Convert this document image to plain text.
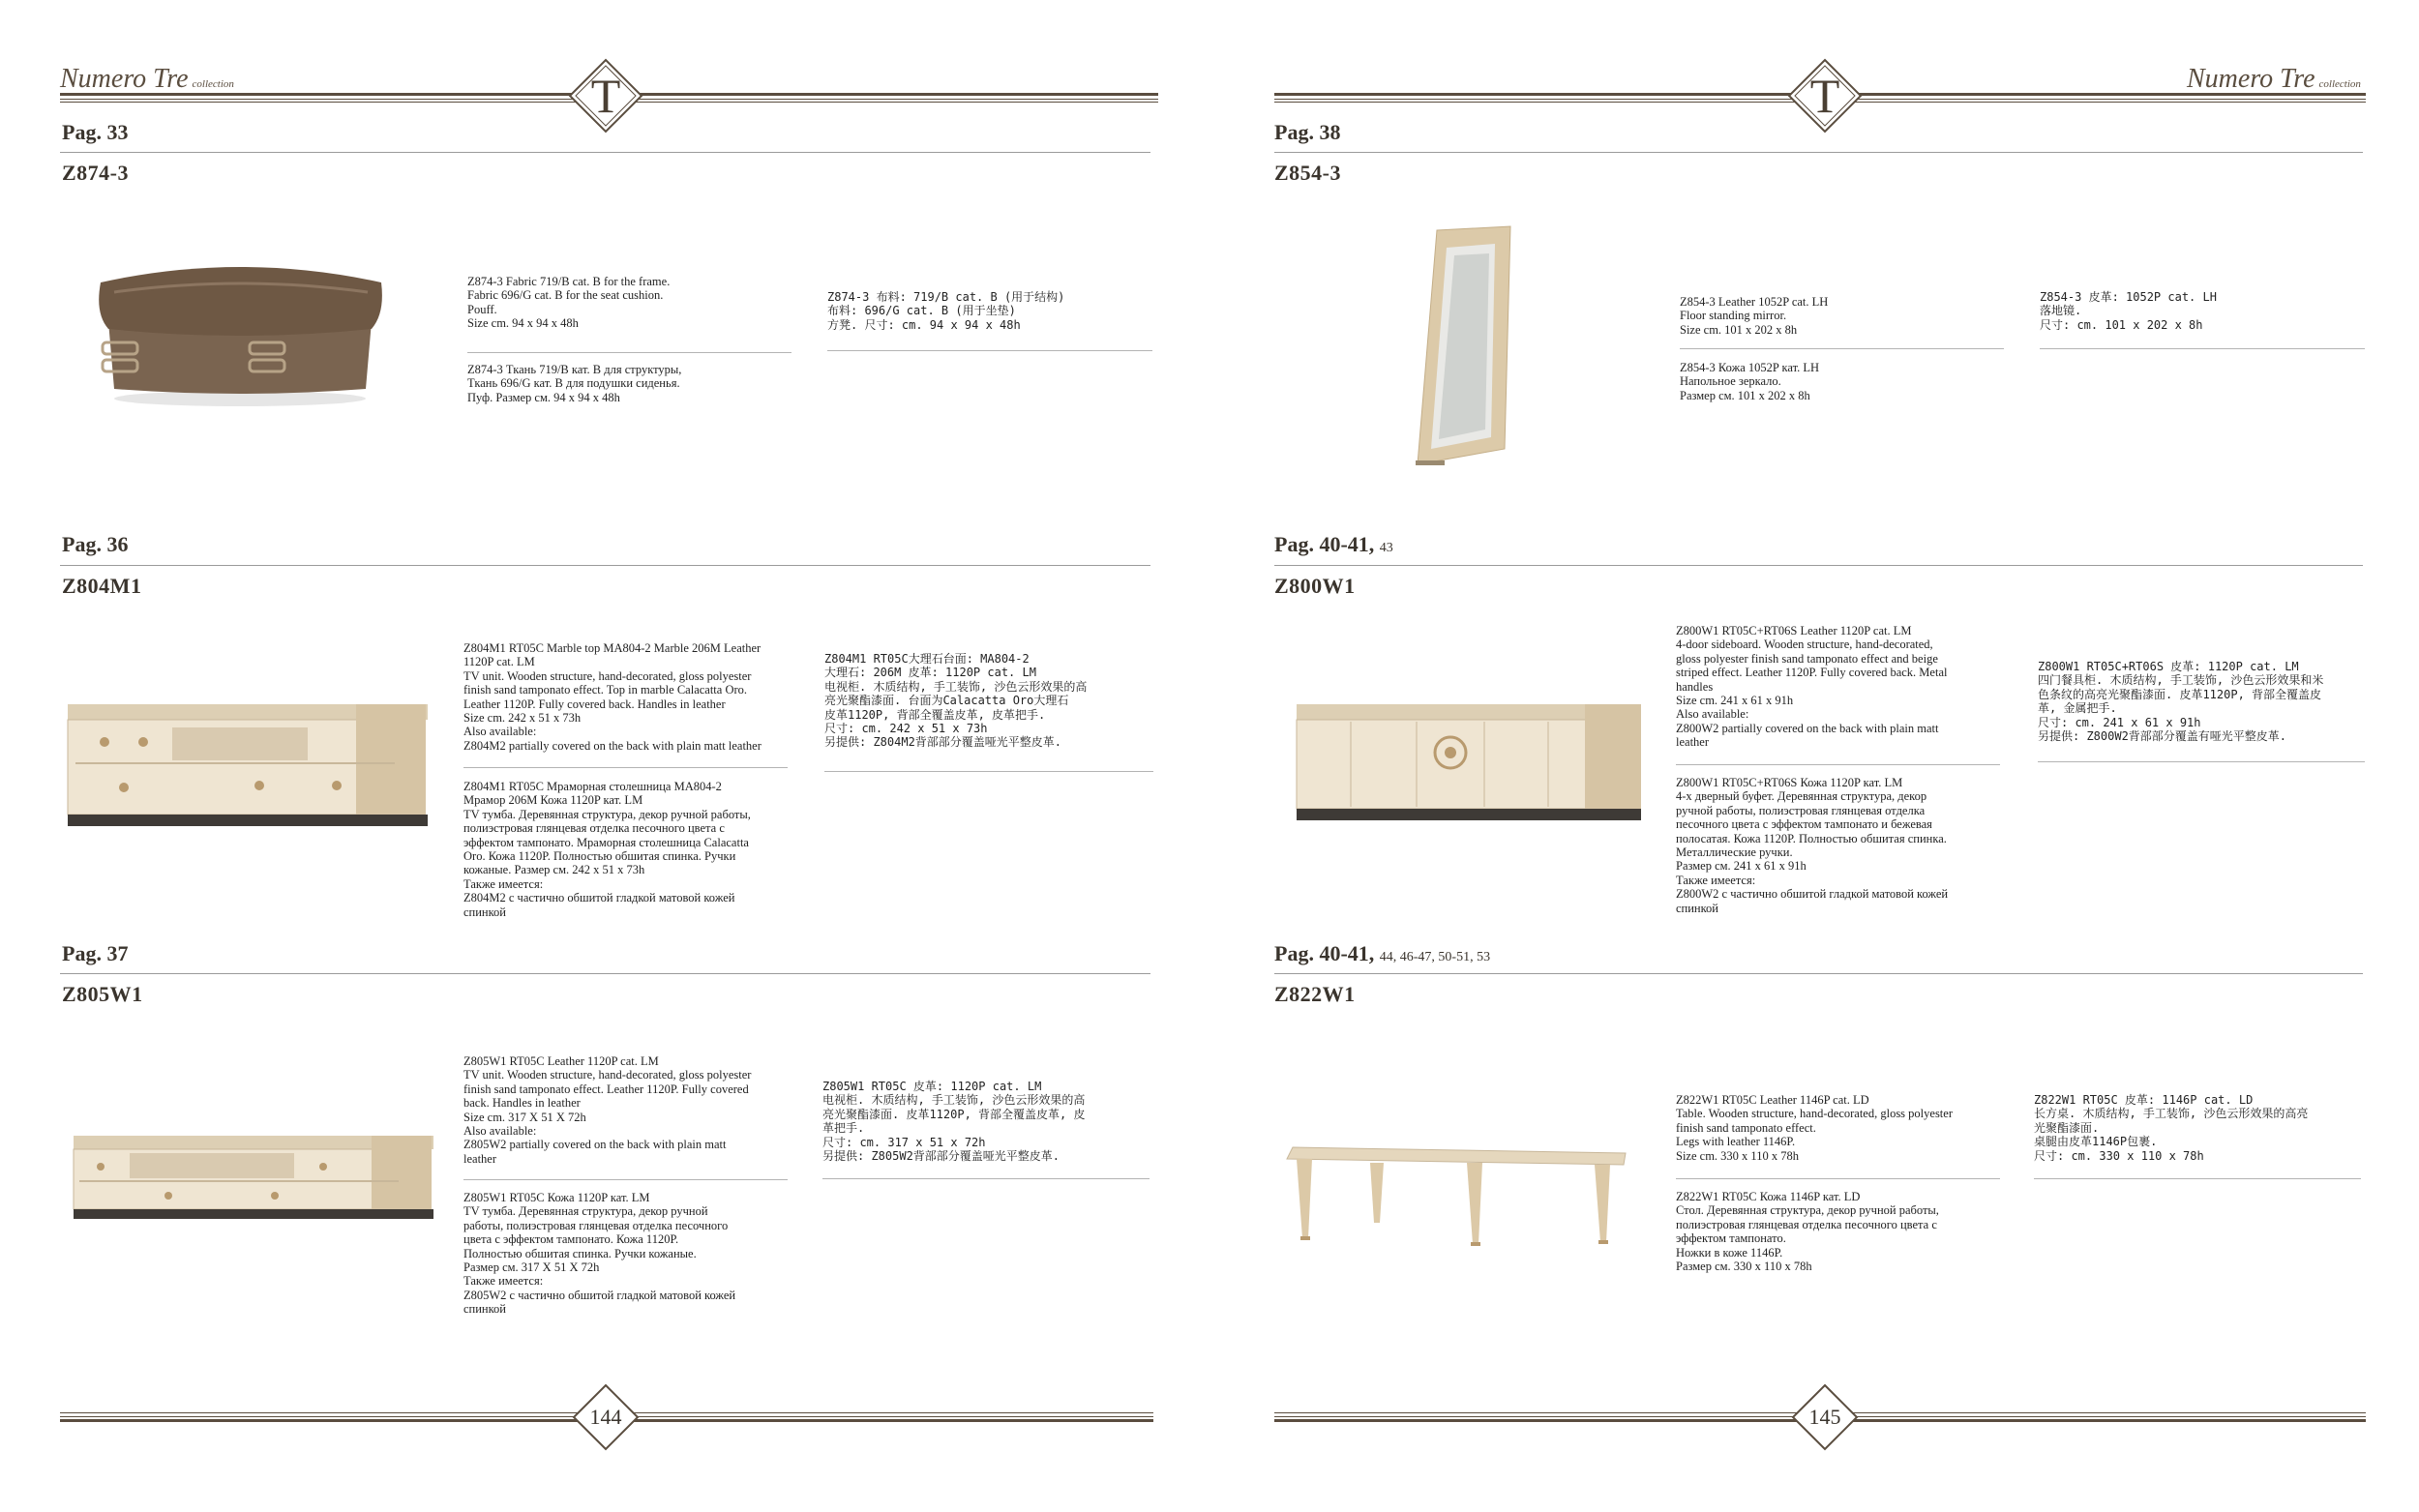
Numero Tre collection	T
Pag. 33
Z874-3
Z874-3 Fabric 719/B cat. B for the frame.
Fabric 696/G cat. B for the seat cushion.
Pouff.
Size cm. 94 x 94 x 48h
Z874-3 Ткань 719/В кат. В для структуры,
Ткань 696/G кат. В для подушки сиденья.
Пуф. Размер см. 94 x 94 x 48h
Z874-3 布料: 719/B cat. B (用于结构)
布料: 696/G cat. B (用于坐垫)
方凳. 尺寸: cm. 94 x 94 x 48h
Pag. 36
Z804M1
Z804M1 RT05C Marble top MA804-2 Marble 206M Leather
1120P cat. LM
TV unit. Wooden structure, hand-decorated, gloss polyester
finish sand tamponato effect. Top in marble Calacatta Oro.
Leather 1120P. Fully covered back. Handles in leather
Size cm. 242 x 51 x 73h
Also available:
Z804M2 partially covered on the back with plain matt leather
Z804M1 RT05C Мраморная столешница MA804-2
Мрамор 206M Кожа 1120P кат. LM
TV тумба. Деревянная структура, декор ручной работы,
полиэстровая глянцевая отделка песочного цвета с
эффектом тампонато. Мраморная столешница Calacatta
Oro. Кожа 1120P. Полностью обшитая спинка. Ручки
кожаные. Размер см. 242 x 51 x 73h
Также имеется:
Z804M2 с частично обшитой гладкой матовой кожей
спинкой
Z804M1 RT05C大理石台面: MA804-2
大理石: 206M 皮革: 1120P cat. LM
电视柜. 木质结构, 手工装饰, 沙色云形效果的高
亮光聚酯漆面. 台面为Calacatta Oro大理石
皮革1120P, 背部全覆盖皮革, 皮革把手.
尺寸: cm. 242 x 51 x 73h
另提供: Z804M2背部部分覆盖哑光平整皮革.
Pag. 37
Z805W1
Z805W1 RT05C Leather 1120P cat. LM
TV unit. Wooden structure, hand-decorated, gloss polyester
finish sand tamponato effect. Leather 1120P. Fully covered
back. Handles in leather
Size cm. 317 X 51 X 72h
Also available:
Z805W2 partially covered on the back with plain matt
leather
Z805W1 RT05C Кожа 1120P кат. LM
TV тумба. Деревянная структура, декор ручной
работы, полиэстровая глянцевая отделка песочного
цвета с эффектом тампонато. Кожа 1120P.
Полностью обшитая спинка. Ручки кожаные.
Размер см. 317 X 51 X 72h
Также имеется:
Z805W2 с частично обшитой гладкой матовой кожей
спинкой
Z805W1 RT05C 皮革: 1120P cat. LM
电视柜. 木质结构, 手工装饰, 沙色云形效果的高
亮光聚酯漆面. 皮革1120P, 背部全覆盖皮革, 皮
革把手.
尺寸: cm. 317 x 51 x 72h
另提供: Z805W2背部部分覆盖哑光平整皮革.
144
Numero Tre collection
T
Pag. 38
Z854-3
Z854-3 Leather 1052P cat. LH
Floor standing mirror.
Size cm. 101 x 202 x 8h
Z854-3 Кожа 1052P кат. LH
Напольное зеркало.
Размер см. 101 x 202 x 8h
Z854-3 皮革: 1052P cat. LH
落地镜.
尺寸: cm. 101 x 202 x 8h
Pag. 40-41, 43
Z800W1
Z800W1 RT05C+RT06S Leather 1120P cat. LM
4-door sideboard. Wooden structure, hand-decorated,
gloss polyester finish sand tamponato effect and beige
striped effect. Leather 1120P. Fully covered back. Metal
handles
Size cm. 241 x 61 x 91h
Also available:
Z800W2 partially covered on the back with plain matt
leather
Z800W1 RT05C+RT06S Кожа 1120P кат. LM
4-х дверный буфет. Деревянная структура, декор
ручной работы, полиэстровая глянцевая отделка
песочного цвета с эффектом тампонато и бежевая
полосатая. Кожа 1120P. Полностью обшитая спинка.
Металлические ручки.
Размер см. 241 x 61 x 91h
Также имеется:
Z800W2 с частично обшитой гладкой матовой кожей
спинкой
Z800W1 RT05C+RT06S 皮革: 1120P cat. LM
四门餐具柜. 木质结构, 手工装饰, 沙色云形效果和米
色条纹的高亮光聚酯漆面. 皮革1120P, 背部全覆盖皮
革, 金属把手.
尺寸: cm. 241 x 61 x 91h
另提供: Z800W2背部部分覆盖有哑光平整皮革.
Pag. 40-41, 44, 46-47, 50-51, 53
Z822W1
Z822W1 RT05C Leather 1146P cat. LD
Table. Wooden structure, hand-decorated, gloss polyester
finish sand tamponato effect.
Legs with leather 1146P.
Size cm. 330 x 110 x 78h
Z822W1 RT05C Кожа 1146P кат. LD
Стол. Деревянная структура, декор ручной работы,
полиэстровая глянцевая отделка песочного цвета с
эффектом тампонато.
Ножки в коже 1146P.
Размер см. 330 x 110 x 78h
Z822W1 RT05C 皮革: 1146P cat. LD
长方桌. 木质结构, 手工装饰, 沙色云形效果的高亮
光聚酯漆面.
桌腿由皮革1146P包裹.
尺寸: cm. 330 x 110 x 78h
145
